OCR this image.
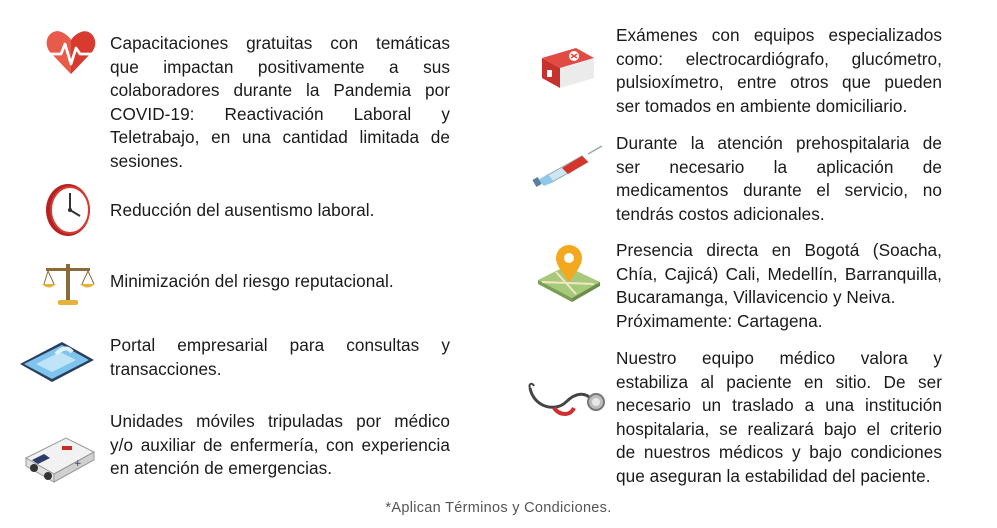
Capacitaciones gratuitas con temáticas
que impactan positivamente a sus
colaboradores durante la Pandemia por
COVID-19: Reactivación Laboral y
Teletrabajo, en una cantidad limitada de
sesiones.
Reducción del ausentismo laboral.
Minimización del riesgo reputacional.
Portal empresarial para consultas y
transacciones.
+
Unidades móviles tripuladas por médico
y/o auxiliar de enfermería, con experiencia
en atención de emergencias.
Exámenes con equipos especializados
como: electrocardiógrafo, glucómetro,
pulsioxímetro, entre otros que pueden
ser tomados en ambiente domiciliario.
Durante la atención prehospitalaria de
ser necesario la aplicación de
medicamentos durante el servicio, no
tendrás costos adicionales.
Presencia directa en Bogotá (Soacha,
Chía, Cajicá) Cali, Medellín, Barranquilla,
Bucaramanga, Villavicencio y Neiva.
Próximamente: Cartagena.
Nuestro equipo médico valora y
estabiliza al paciente en sitio. De ser
necesario un traslado a una institución
hospitalaria, se realizará bajo el criterio
de nuestros médicos y bajo condiciones
que aseguran la estabilidad del paciente.
*Aplican Términos y Condiciones.
